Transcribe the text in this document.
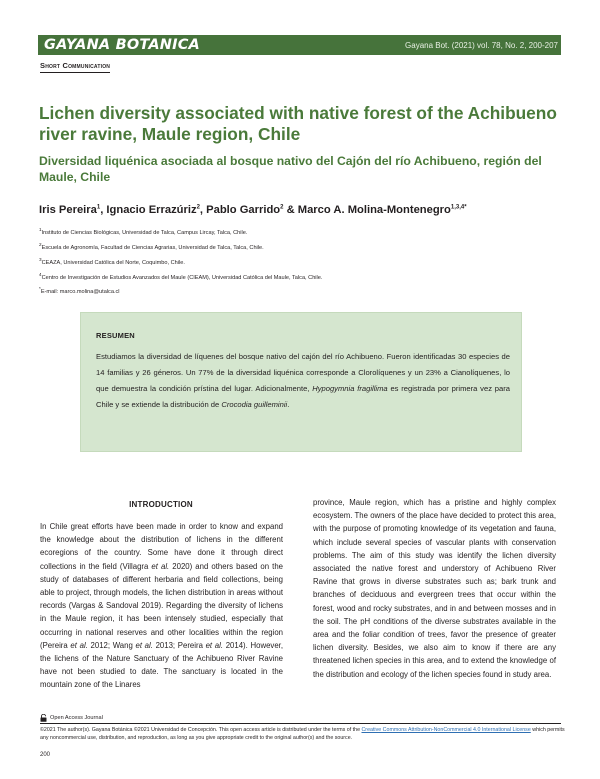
GAYANA BOTANICA	Gayana Bot. (2021) vol. 78, No. 2, 200-207
Short Communication
Lichen diversity associated with native forest of the Achibueno river ravine, Maule region, Chile
Diversidad liquénica asociada al bosque nativo del Cajón del río Achibueno, región del Maule, Chile
Iris Pereira$^1$, Ignacio Errazúriz$^2$, Pablo Garrido$^2$ & Marco A. Molina-Montenegro$^{1,3,4*}$
$^1$Instituto de Ciencias Biológicas, Universidad de Talca, Campus Lircay, Talca, Chile.
$^2$Escuela de Agronomía, Facultad de Ciencias Agrarias, Universidad de Talca, Talca, Chile.
$^3$CEAZA, Universidad Católica del Norte, Coquimbo, Chile.
$^4$Centro de Investigación de Estudios Avanzados del Maule (CIEAM), Universidad Católica del Maule, Talca, Chile.
*E-mail: marco.molina@utalca.cl
RESUMEN

Estudiamos la diversidad de líquenes del bosque nativo del cajón del río Achibueno. Fueron identificadas 30 especies de 14 familias y 26 géneros. Un 77% de la diversidad liquénica corresponde a Clorolíquenes y un 23% a Cianolíquenes, lo que demuestra la condición prístina del lugar. Adicionalmente, Hypogymnia fragillima es registrada por primera vez para Chile y se extiende la distribución de Crocodia guilleminii.

INTRODUCTION

In Chile great efforts have been made in order to know and expand the knowledge about the distribution of lichens in the different ecoregions of the country. Some have done it through direct collections in the field (Villagra et al. 2020) and others based on the study of databases of different herbaria and field collections, being able to project, through models, the lichen distribution in areas without records (Vargas & Sandoval 2019). Regarding the diversity of lichens in the Maule region, it has been intensely studied, especially that occurring in national reserves and other localities within the region (Pereira et al. 2012; Wang et al. 2013; Pereira et al. 2014). However, the lichens of the Nature Sanctuary of the Achibueno River Ravine have not been studied to date. The sanctuary is located in the mountain zone of the Linares

province, Maule region, which has a pristine and highly complex ecosystem. The owners of the place have decided to protect this area, with the purpose of promoting knowledge of its vegetation and fauna, which include several species of vascular plants with conservation problems. The aim of this study was identify the lichen diversity associated the native forest and understory of Achibueno River Ravine that grows in diverse substrates such as; bark trunk and branches of deciduous and evergreen trees that occur within the forest, wood and rocky substrates, and in and between mosses and in the soil. The pH conditions of the diverse substrates available in the area and the foliar condition of trees, favor the presence of greater lichen diversity. Besides, we also aim to know if there are any threatened lichen species in this area, and to extend the knowledge of the distribution and ecology of the lichen species found in study area.

Open Access Journal

©2021 The author(s). Gayana Botánica ©2021 Universidad de Concepción. This open access article is distributed under the terms of the Creative Commons Attribution-NonCommercial 4.0 International License which permits any noncommercial use, distribution, and reproduction, as long as you give appropriate credit to the original author(s) and the source.

200
